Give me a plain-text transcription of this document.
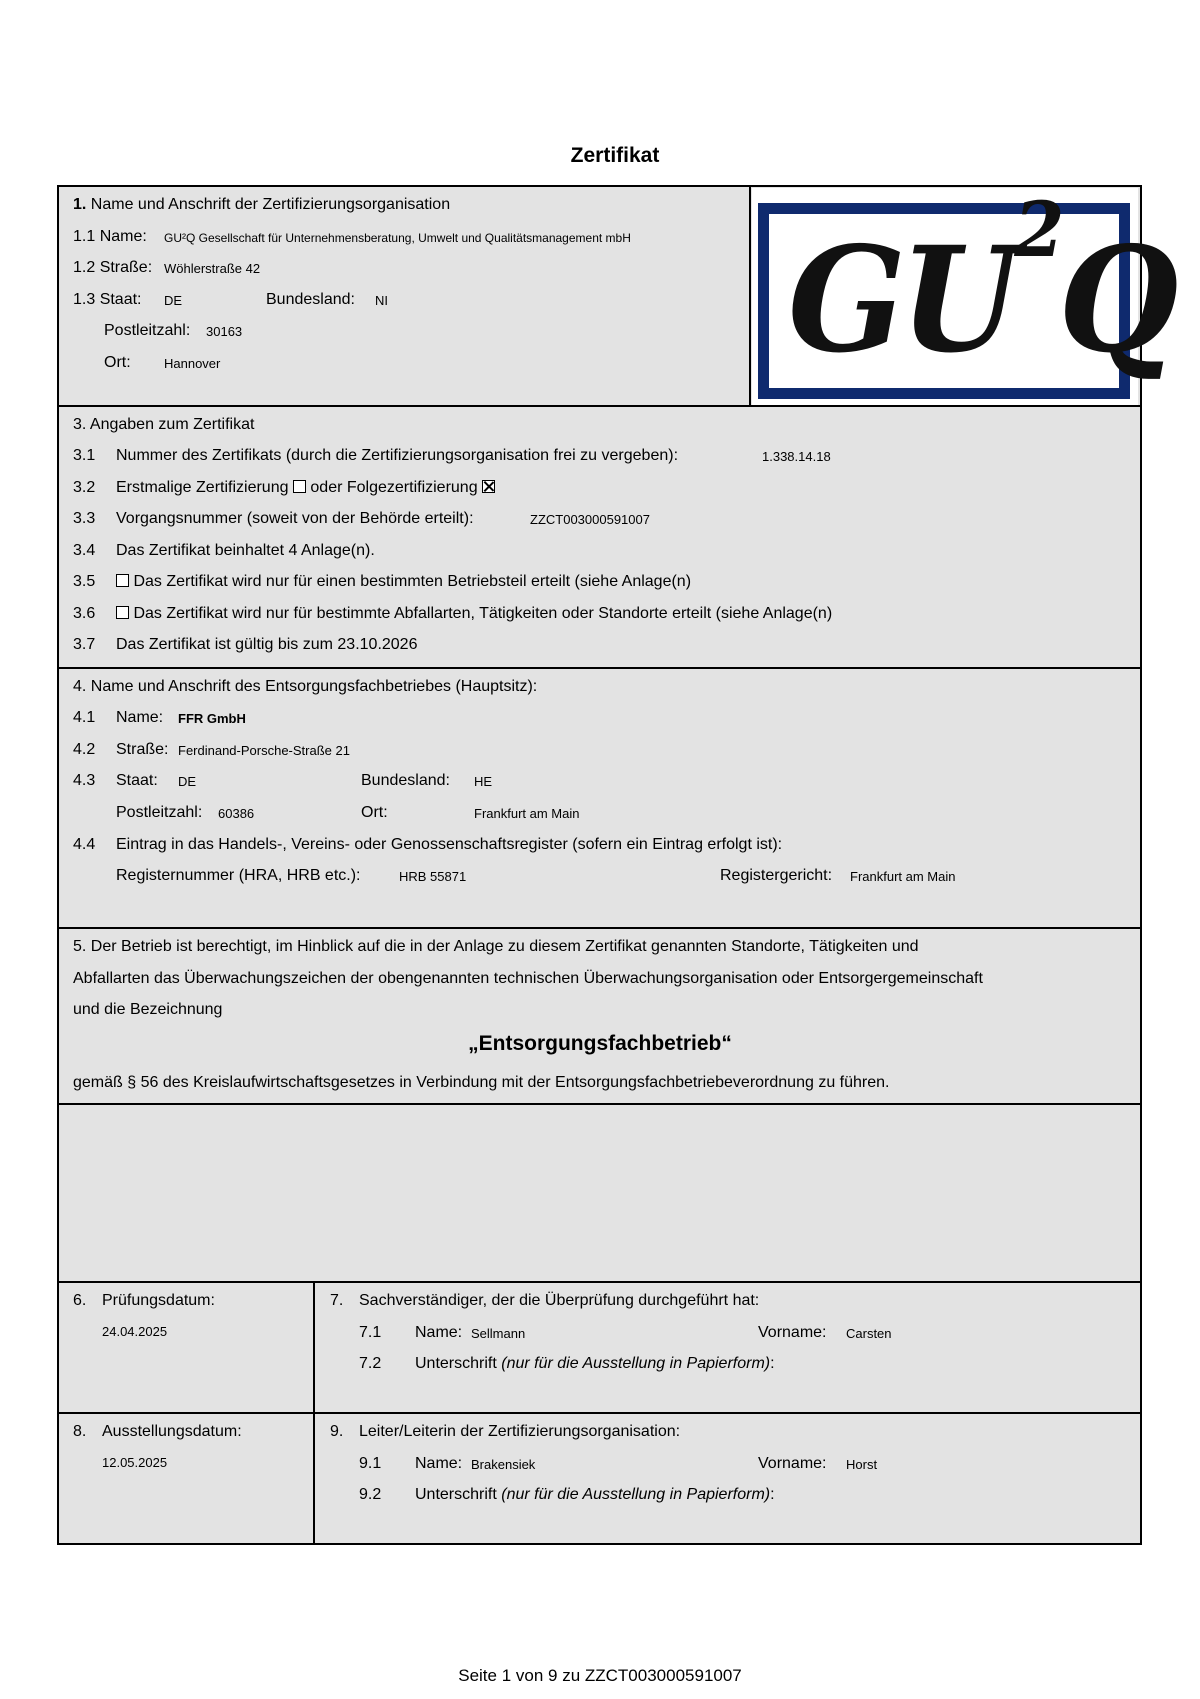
Zertifikat
$GU^2Q$
1. Name und Anschrift der Zertifizierungsorganisation
1.1 Name: GU²Q Gesellschaft für Unternehmensberatung, Umwelt und Qualitätsmanagement mbH
1.2 Straße: Wöhlerstraße 42
1.3 Staat: DE	Bundesland: NI
Postleitzahl: 30163
Ort:	Hannover
3. Angaben zum Zertifikat
3.1 Nummer des Zertifikats (durch die Zertifizierungsorganisation frei zu vergeben):	1.338.14.18
3.2 Erstmalige Zertifizierung oder Folgezertifizierung
3.3 Vorgangsnummer (soweit von der Behörde erteilt):	ZZCT003000591007
3.4 Das Zertifikat beinhaltet 4 Anlage(n).
3.5	Das Zertifikat wird nur für einen bestimmten Betriebsteil erteilt (siehe Anlage(n)
3.6	Das Zertifikat wird nur für bestimmte Abfallarten, Tätigkeiten oder Standorte erteilt (siehe Anlage(n)
3.7 Das Zertifikat ist gültig bis zum 23.10.2026
4. Name und Anschrift des Entsorgungsfachbetriebes (Hauptsitz):
4.1 Name: FFR GmbH
4.2 Straße: Ferdinand-Porsche-Straße 21
4.3 Staat: DE	Bundesland: HE
Postleitzahl: 60386	Ort:	Frankfurt am Main
4.4 Eintrag in das Handels-, Vereins- oder Genossenschaftsregister (sofern ein Eintrag erfolgt ist):
Registernummer (HRA, HRB etc.):	HRB 55871	Registergericht: Frankfurt am Main
5. Der Betrieb ist berechtigt, im Hinblick auf die in der Anlage zu diesem Zertifikat genannten Standorte, Tätigkeiten und
Abfallarten das Überwachungszeichen der obengenannten technischen Überwachungsorganisation oder Entsorgergemeinschaft
und die Bezeichnung
„Entsorgungsfachbetrieb“
gemäß § 56 des Kreislaufwirtschaftsgesetzes in Verbindung mit der Entsorgungsfachbetriebeverordnung zu führen.
6. Prüfungsdatum:
24.04.2025
7. Sachverständiger, der die Überprüfung durchgeführt hat:
7.1 Name: Sellmann	Vorname: Carsten
7.2 Unterschrift (nur für die Ausstellung in Papierform):
8. Ausstellungsdatum:
12.05.2025
9. Leiter/Leiterin der Zertifizierungsorganisation:
9.1 Name: Brakensiek	Vorname: Horst
9.2 Unterschrift (nur für die Ausstellung in Papierform):
Seite 1 von 9 zu ZZCT003000591007
